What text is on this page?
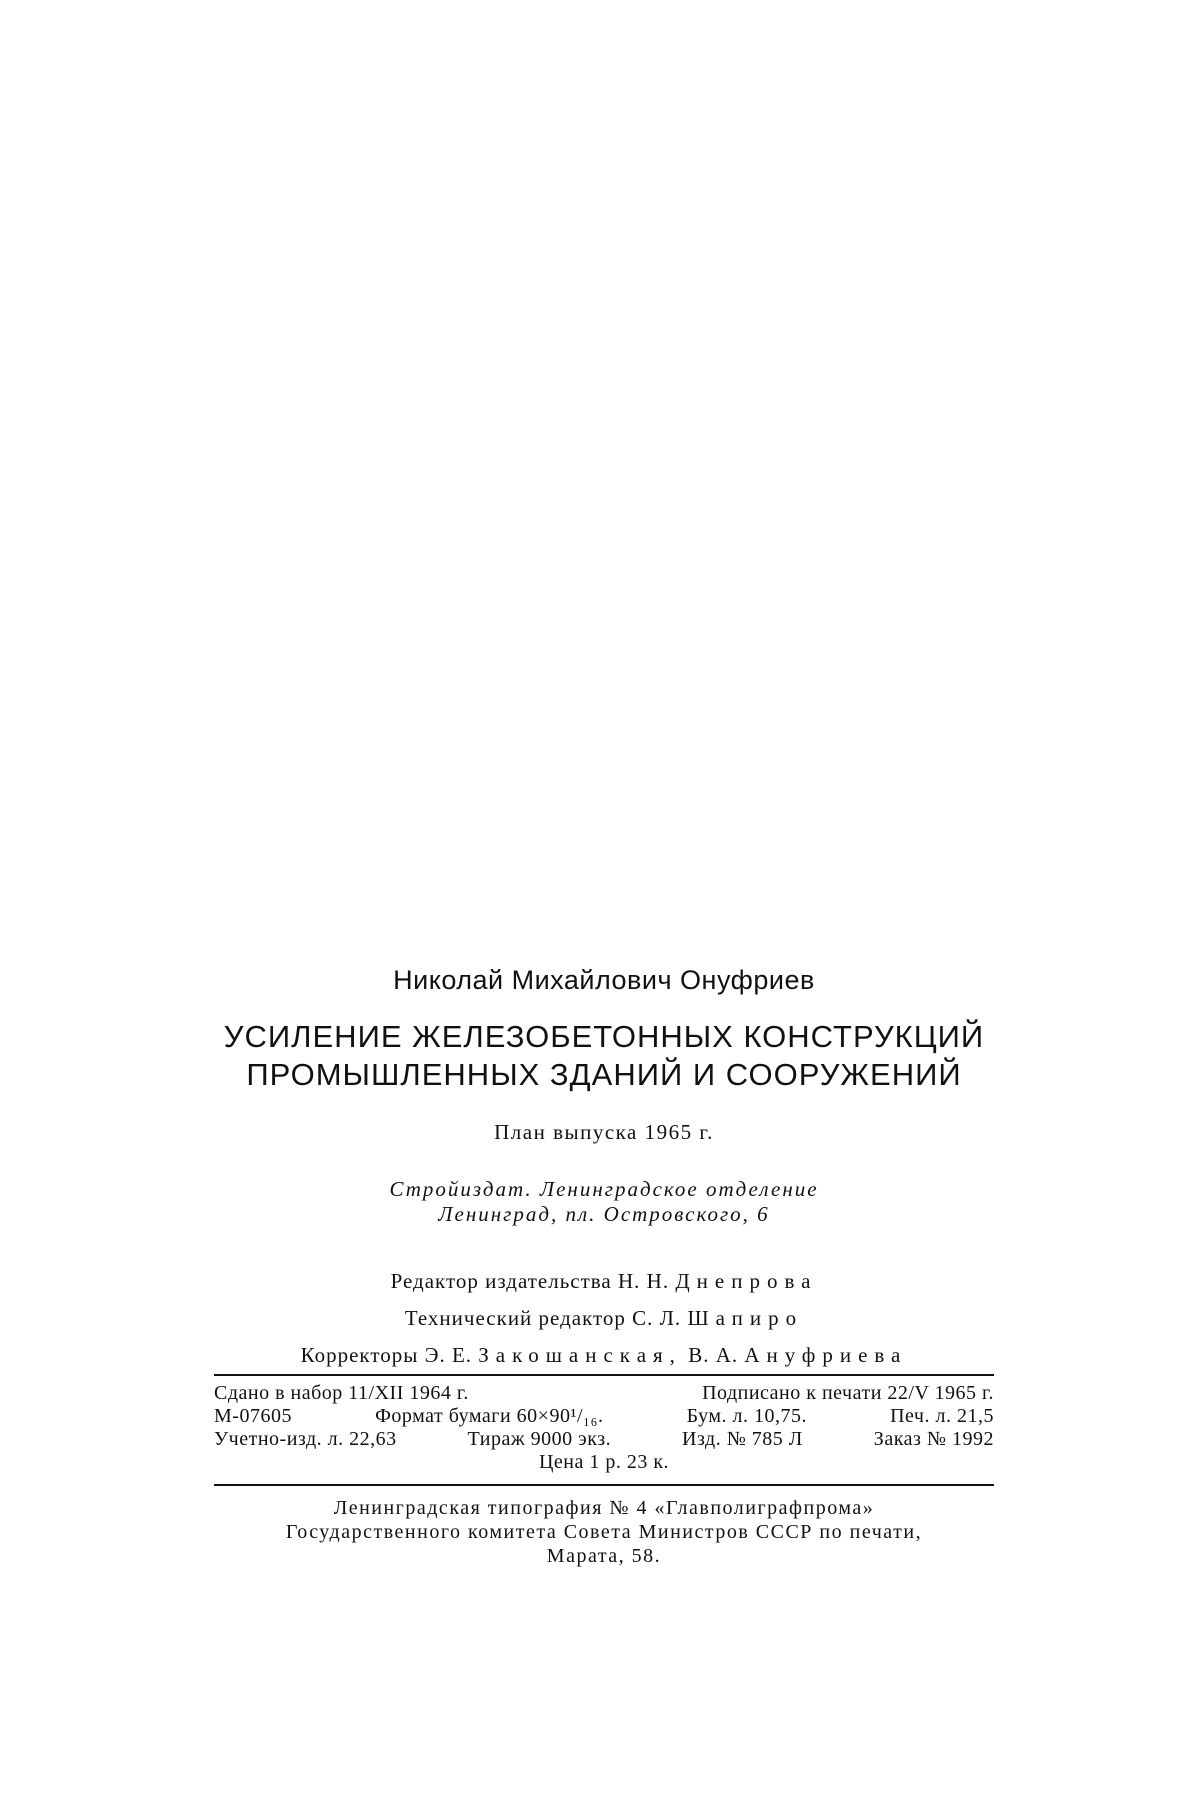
Николай Михайлович Онуфриев

УСИЛЕНИЕ ЖЕЛЕЗОБЕТОННЫХ КОНСТРУКЦИЙ

ПРОМЫШЛЕННЫХ ЗДАНИЙ И СООРУЖЕНИЙ

План выпуска 1965 г.

Стройиздат. Ленинградское отделение
Ленинград, пл. Островского, 6
Редактор издательства Н. Н. Днепрова
Технический редактор С. Л. Шапиро
Корректоры Э. Е. Закошанская, В. А. Ануфриева
Сдано в набор 11/XII 1964 г.	Подписано к печати 22/V 1965 г.
М-07605	Формат бумаги 60×90¹/₁₆.	Бум. л. 10,75.	Печ. л. 21,5
Учетно-изд. л. 22,63	Тираж 9000 экз.	Изд. № 785 Л	Заказ № 1992
Цена 1 р. 23 к.
Ленинградская типография № 4 «Главполиграфпрома»
Государственного комитета Совета Министров СССР по печати,
Марата, 58.
